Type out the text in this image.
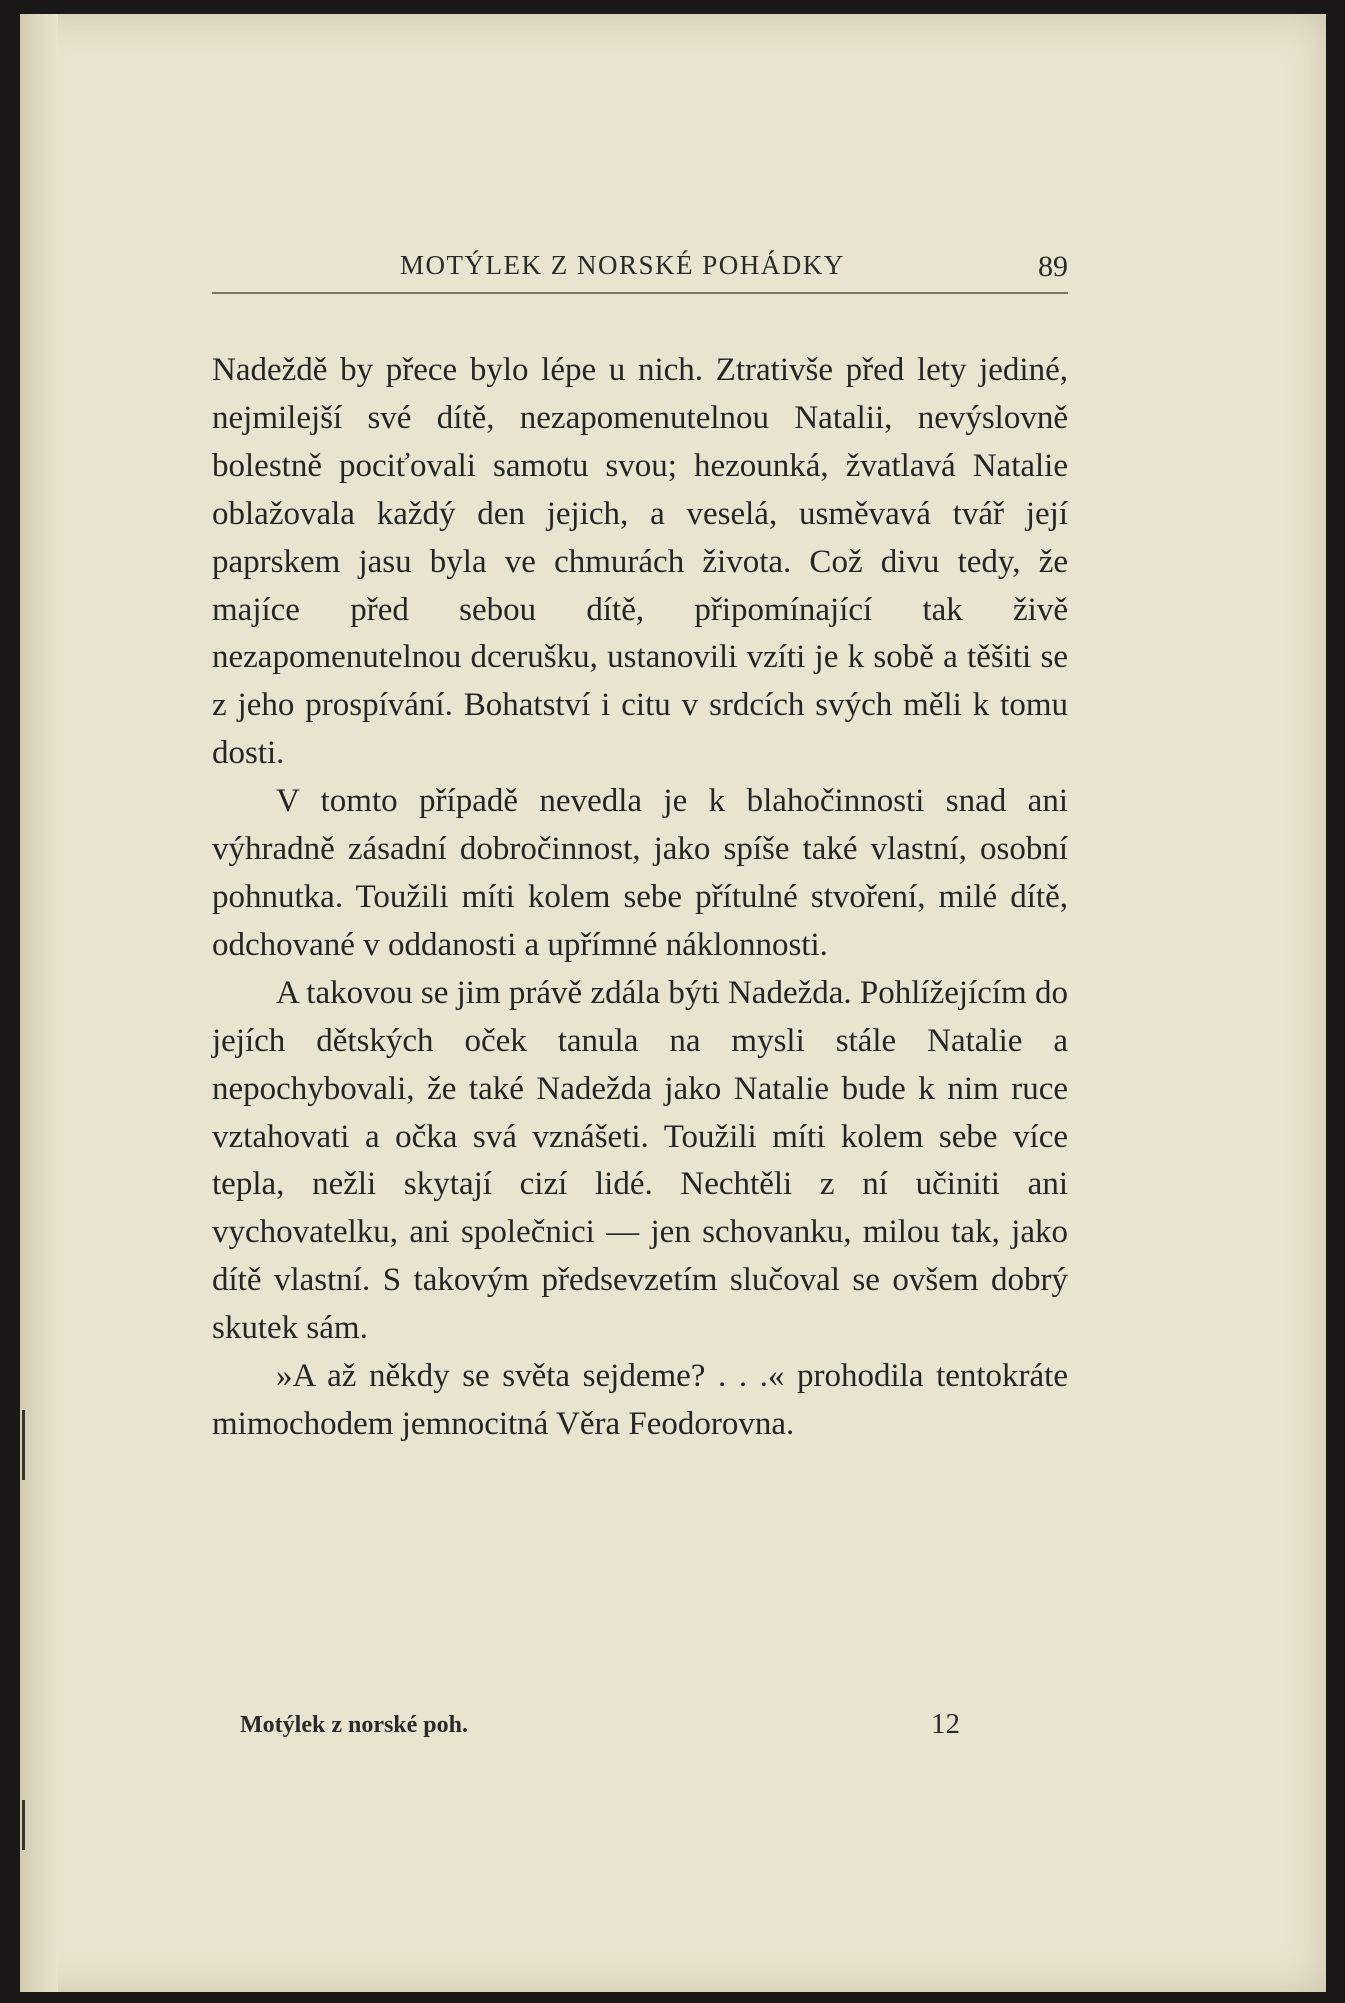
MOTÝLEK Z NORSKÉ POHÁDKY	89

Nadeždě by přece bylo lépe u nich. Ztrativše před lety jediné, nejmilejší své dítě, nezapomenutelnou Natalii, nevýslovně bolestně pociťovali samotu svou; hezounká, žvatlavá Natalie oblažovala každý den jejich, a veselá, usměvavá tvář její paprskem jasu byla ve chmurách života. Což divu tedy, že majíce před sebou dítě, připomínající tak živě nezapomenutelnou dcerušku, ustanovili vzíti je k sobě a těšiti se z jeho prospívání. Bohatství i citu v srdcích svých měli k tomu dosti.

V tomto případě nevedla je k blahočinnosti snad ani výhradně zásadní dobročinnost, jako spíše také vlastní, osobní pohnutka. Toužili míti kolem sebe přítulné stvoření, milé dítě, odchované v oddanosti a upřímné náklonnosti.

A takovou se jim právě zdála býti Nadežda. Pohlížejícím do jejích dětských oček tanula na mysli stále Natalie a nepochybovali, že také Nadežda jako Natalie bude k nim ruce vztahovati a očka svá vznášeti. Toužili míti kolem sebe více tepla, nežli skytají cizí lidé. Nechtěli z ní učiniti ani vychovatelku, ani společnici — jen schovanku, milou tak, jako dítě vlastní. S takovým předsevzetím slučoval se ovšem dobrý skutek sám.

»A až někdy se světa sejdeme? . . .« prohodila tentokráte mimochodem jemnocitná Věra Feodorovna.

Motýlek z norské poh.	12
